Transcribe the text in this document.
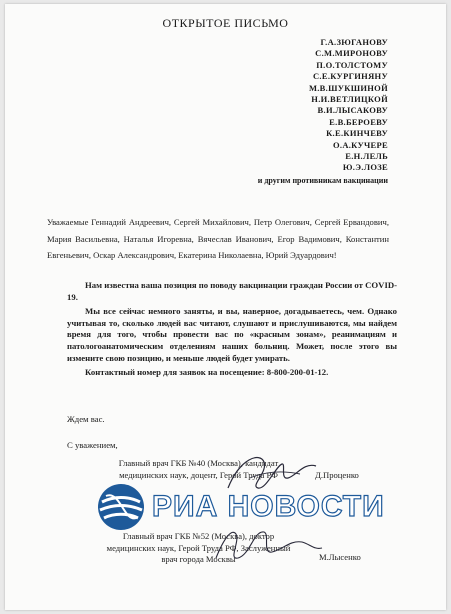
ОТКРЫТОЕ ПИСЬМО
Г.А.ЗЮГАНОВУ
С.М.МИРОНОВУ
П.О.ТОЛСТОМУ
С.Е.КУРГИНЯНУ
М.В.ШУКШИНОЙ
Н.И.ВЕТЛИЦКОЙ
В.И.ЛЫСАКОВУ
Е.В.БЕРОЕВУ
К.Е.КИНЧЕВУ
О.А.КУЧЕРЕ
Е.Н.ЛЕЛЬ
Ю.Э.ЛОЗЕ
и другим противникам вакцинации
Уважаемые Геннадий Андреевич, Сергей Михайлович, Петр Олегович, Сергей Ервандович, Мария Васильевна, Наталья Игоревна, Вячеслав Иванович, Егор Вадимович, Константин Евгеньевич, Оскар Александрович, Екатерина Николаевна, Юрий Эдуардович!

Нам известна ваша позиция по поводу вакцинации граждан России от COVID-19.

Мы все сейчас немного заняты, и вы, наверное, догадываетесь, чем. Однако учитывая то, сколько людей вас читают, слушают и прислушиваются, мы найдем время для того, чтобы провести вас по «красным зонам», реанимациям и патологоанатомическим отделениям наших больниц. Может, после этого вы измените свою позицию, и меньше людей будет умирать.

Контактный номер для заявок на посещение: 8-800-200-01-12.

Ждем вас.
С уважением,
Главный врач ГКБ №40 (Москва), кандидат медицинских наук, доцент, Герой Труда РФ	Д.Проценко
Главный врач ГКБ №52 (Москва), доктор медицинских наук, Герой Труда РФ, Заслуженный врач города Москвы	М.Лысенко
РИА НОВОСТИ
